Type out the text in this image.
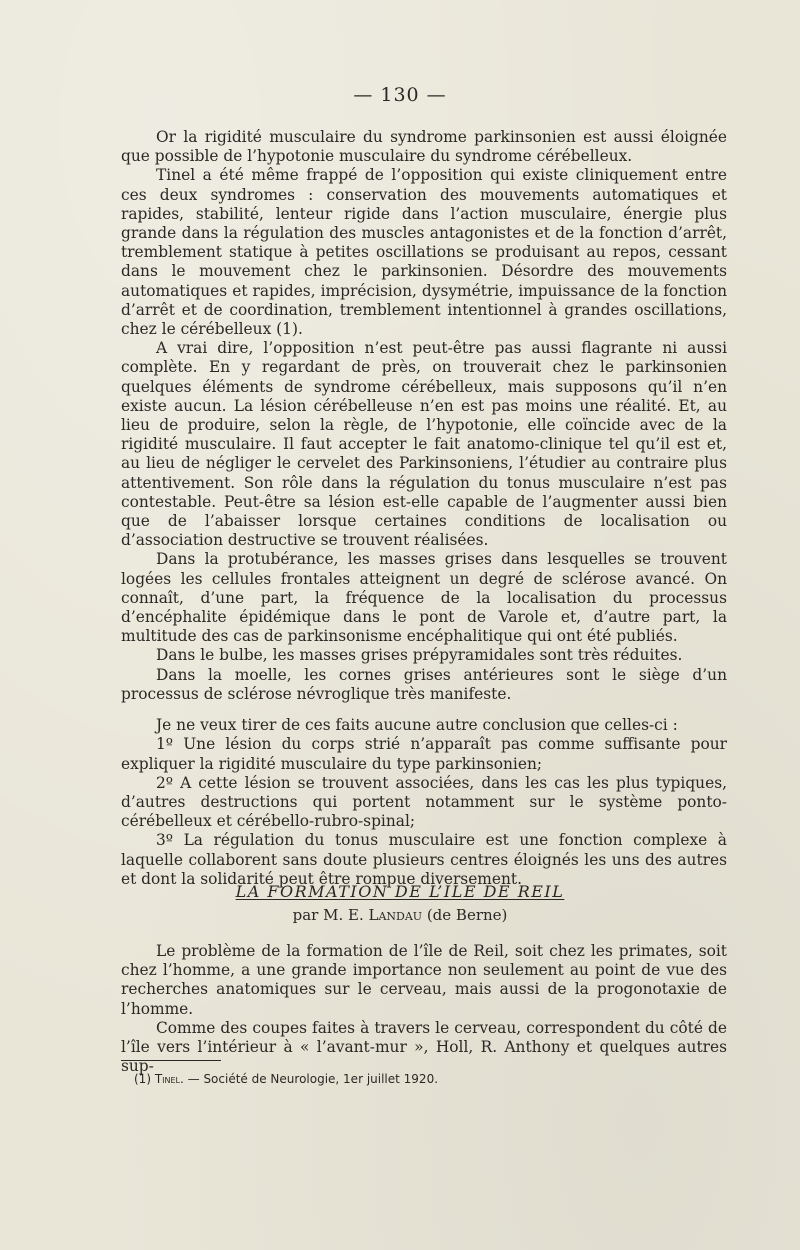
— 130 —

Or la rigidité musculaire du syndrome parkinsonien est aussi éloignée que possible de l’hypotonie musculaire du syndrome cérébelleux.

Tinel a été même frappé de l’opposition qui existe cliniquement entre ces deux syndromes : conservation des mouvements automatiques et rapides, stabilité, lenteur rigide dans l’action musculaire, énergie plus grande dans la régulation des muscles antagonistes et de la fonction d’arrêt, tremblement statique à petites oscillations se produisant au repos, cessant dans le mouvement chez le parkinsonien. Désordre des mouvements automatiques et rapides, imprécision, dysymétrie, impuissance de la fonction d’arrêt et de coordination, tremblement intentionnel à grandes oscillations, chez le cérébelleux (1).

A vrai dire, l’opposition n’est peut-être pas aussi flagrante ni aussi complète. En y regardant de près, on trouverait chez le parkinsonien quelques éléments de syndrome cérébelleux, mais supposons qu’il n’en existe aucun. La lésion cérébelleuse n’en est pas moins une réalité. Et, au lieu de produire, selon la règle, de l’hypotonie, elle coïncide avec de la rigidité musculaire. Il faut accepter le fait anatomo-clinique tel qu’il est et, au lieu de négliger le cervelet des Parkinsoniens, l’étudier au contraire plus attentivement. Son rôle dans la régulation du tonus musculaire n’est pas contestable. Peut-être sa lésion est-elle capable de l’augmenter aussi bien que de l’abaisser lorsque certaines conditions de localisation ou d’association destructive se trouvent réalisées.

Dans la protubérance, les masses grises dans lesquelles se trouvent logées les cellules frontales atteignent un degré de sclérose avancé. On connaît, d’une part, la fréquence de la localisation du processus d’encéphalite épidémique dans le pont de Varole et, d’autre part, la multitude des cas de parkinsonisme encéphalitique qui ont été publiés.

Dans le bulbe, les masses grises prépyramidales sont très réduites.

Dans la moelle, les cornes grises antérieures sont le siège d’un processus de sclérose névroglique très manifeste.

Je ne veux tirer de ces faits aucune autre conclusion que celles-ci :

1º Une lésion du corps strié n’apparaît pas comme suffisante pour expliquer la rigidité musculaire du type parkinsonien;

2º A cette lésion se trouvent associées, dans les cas les plus typiques, d’autres destructions qui portent notamment sur le système ponto-cérébelleux et cérébello-rubro-spinal;

3º La régulation du tonus musculaire est une fonction complexe à laquelle collaborent sans doute plusieurs centres éloignés les uns des autres et dont la solidarité peut être rompue diversement.

LA FORMATION DE L’ILE DE REIL
par M. E. Landau (de Berne)

Le problème de la formation de l’île de Reil, soit chez les primates, soit chez l’homme, a une grande importance non seulement au point de vue des recherches anatomiques sur le cerveau, mais aussi de la progonotaxie de l’homme.

Comme des coupes faites à travers le cerveau, correspondent du côté de l’île vers l’intérieur à « l’avant-mur », Holl, R. Anthony et quelques autres sup-

(1) Tinel. — Société de Neurologie, 1er juillet 1920.
